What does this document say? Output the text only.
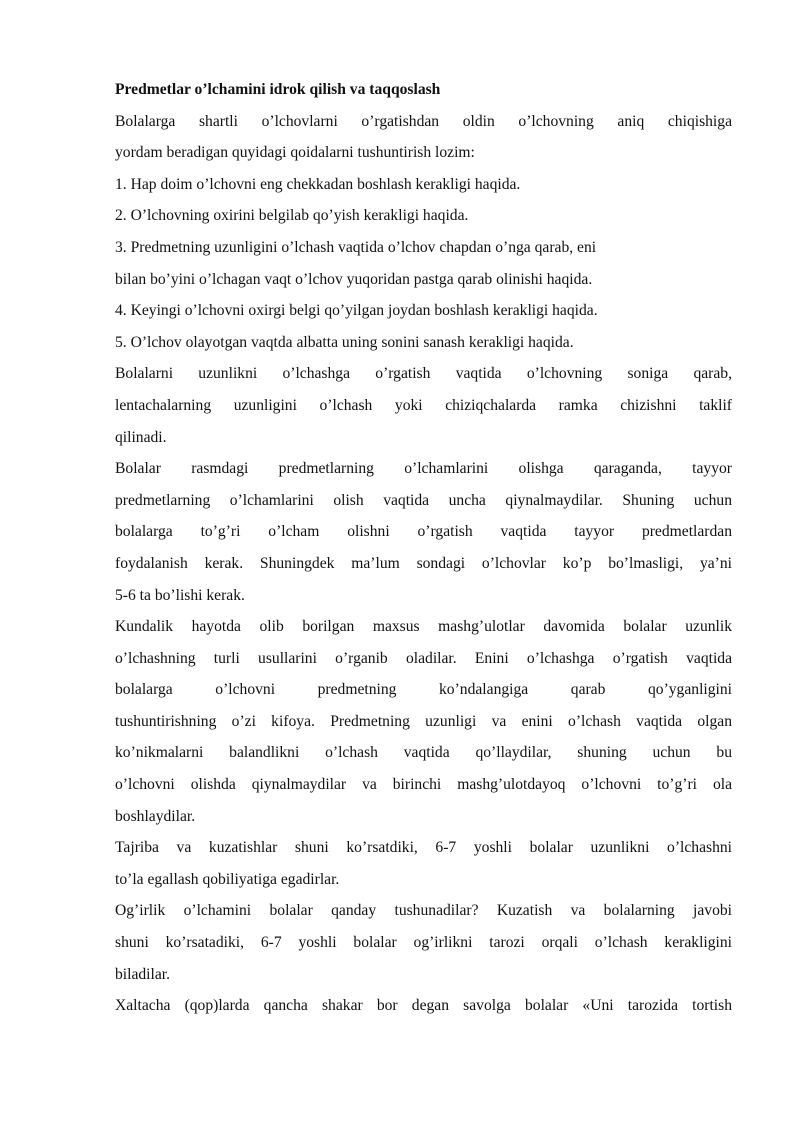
Predmetlar o’lchamini idrok qilish va taqqoslash
Bolalarga shartli o’lchovlarni o’rgatishdan oldin o’lchovning aniq chiqishiga
yordam beradigan quyidagi qoidalarni tushuntirish lozim:
1. Hap doim o’lchovni eng chekkadan boshlash kerakligi haqida.
2. O’lchovning oxirini belgilab qo’yish kerakligi haqida.
3. Predmetning uzunligini o’lchash vaqtida o’lchov chapdan o’nga qarab, eni
bilan bo’yini o’lchagan vaqt o’lchov yuqoridan pastga qarab olinishi haqida.
4. Keyingi o’lchovni oxirgi belgi qo’yilgan joydan boshlash kerakligi haqida.
5. O’lchov olayotgan vaqtda albatta uning sonini sanash kerakligi haqida.
Bolalarni uzunlikni o’lchashga o’rgatish vaqtida o’lchovning soniga qarab,
lentachalarning uzunligini o’lchash yoki chiziqchalarda ramka chizishni taklif
qilinadi.
Bolalar rasmdagi predmetlarning o’lchamlarini olishga qaraganda, tayyor
predmetlarning o’lchamlarini olish vaqtida uncha qiynalmaydilar. Shuning uchun
bolalarga to’g’ri o’lcham olishni o’rgatish vaqtida tayyor predmetlardan
foydalanish kerak. Shuningdek ma’lum sondagi o’lchovlar ko’p bo’lmasligi, ya’ni
5-6 ta bo’lishi kerak.
Kundalik hayotda olib borilgan maxsus mashg’ulotlar davomida bolalar uzunlik
o’lchashning turli usullarini o’rganib oladilar. Enini o’lchashga o’rgatish vaqtida
bolalarga o’lchovni predmetning ko’ndalangiga qarab qo’yganligini
tushuntirishning o’zi kifoya. Predmetning uzunligi va enini o’lchash vaqtida olgan
ko’nikmalarni balandlikni o’lchash vaqtida qo’llaydilar, shuning uchun bu
o’lchovni olishda qiynalmaydilar va birinchi mashg’ulotdayoq o’lchovni to’g’ri ola
boshlaydilar.
Tajriba va kuzatishlar shuni ko’rsatdiki, 6-7 yoshli bolalar uzunlikni o’lchashni
to’la egallash qobiliyatiga egadirlar.
Og’irlik o’lchamini bolalar qanday tushunadilar? Kuzatish va bolalarning javobi
shuni ko’rsatadiki, 6-7 yoshli bolalar og’irlikni tarozi orqali o’lchash kerakligini
biladilar.
Xaltacha (qop)larda qancha shakar bor degan savolga bolalar «Uni tarozida tortish
